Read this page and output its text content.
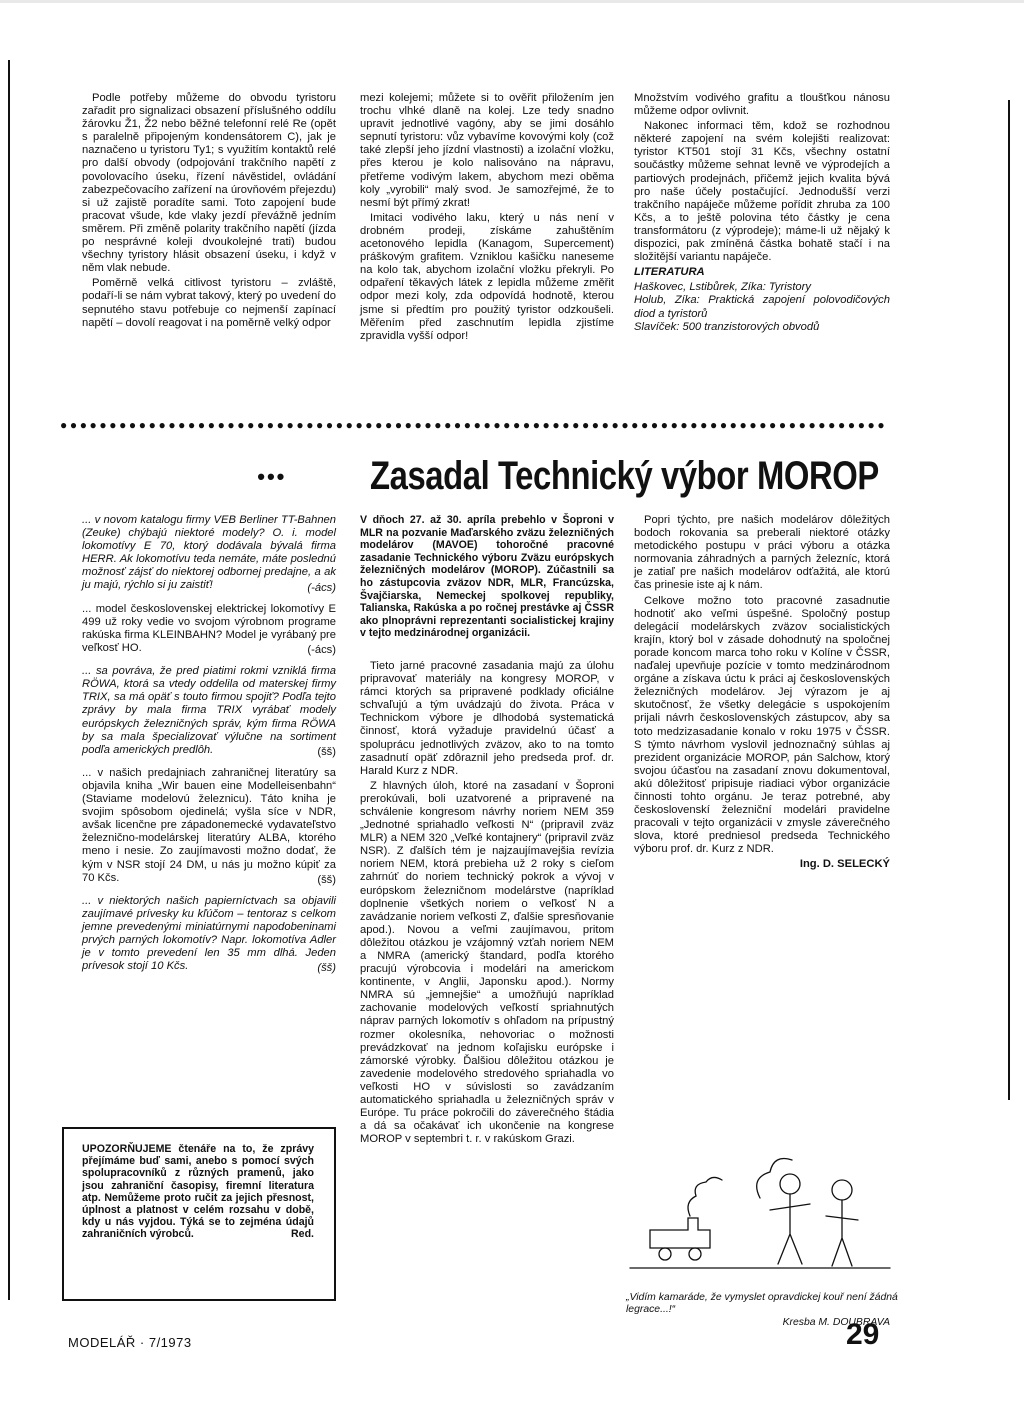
Podle potřeby můžeme do obvodu tyristoru zařadit pro signalizaci obsazení příslušného oddílu žárovku Ž1, Ž2 nebo běžné telefonní relé Re (opět s paralelně připojeným kondensátorem C), jak je naznačeno u tyristoru Ty1; s využitím kontaktů relé pro další obvody (odpojování trakčního napětí z povolovacího úseku, řízení návěstidel, ovládání zabezpečovacího zařízení na úrovňovém přejezdu) si už zajistě poradíte sami. Toto zapojení bude pracovat všude, kde vlaky jezdí převážně jedním směrem. Při změně polarity trakčního napětí (jízda po nesprávné koleji dvoukolejné trati) budou všechny tyristory hlásit obsazení úseku, i když v něm vlak nebude.

Poměrně velká citlivost tyristoru – zvláště, podaří-li se nám vybrat takový, který po uvedení do sepnutého stavu potřebuje co nejmenší zapínací napětí – dovolí reagovat i na poměrně velký odpor

mezi kolejemi; můžete si to ověřit přiložením jen trochu vlhké dlaně na kolej. Lze tedy snadno upravit jednotlivé vagóny, aby se jimi dosáhlo sepnutí tyristoru: vůz vybavíme kovovými koly (což také zlepší jeho jízdní vlastnosti) a izolační vložku, přes kterou je kolo nalisováno na nápravu, přetřeme vodivým lakem, abychom mezi oběma koly „vyrobili“ malý svod. Je samozřejmé, že to nesmí být přímý zkrat!

Imitaci vodivého laku, který u nás není v drobném prodeji, získáme zahuštěním acetonového lepidla (Kanagom, Supercement) práškovým grafitem. Vzniklou kašičku naneseme na kolo tak, abychom izolační vložku překryli. Po odpaření těkavých látek z lepidla můžeme změřit odpor mezi koly, zda odpovídá hodnotě, kterou jsme si předtím pro použitý tyristor odzkoušeli. Měřením před zaschnutím lepidla zjistíme zpravidla vyšší odpor!

Množstvím vodivého grafitu a tloušťkou nánosu můžeme odpor ovlivnit.

Nakonec informaci těm, kdož se rozhodnou některé zapojení na svém kolejišti realizovat: tyristor KT501 stojí 31 Kčs, všechny ostatní součástky můžeme sehnat levně ve výprodejích a partiových prodejnách, přičemž jejich kvalita bývá pro naše účely postačující. Jednodušší verzi trakčního napáječe můžeme pořídit zhruba za 100 Kčs, a to ještě polovina této částky je cena transformátoru (z výprodeje); máme-li už nějaký k dispozici, pak zmíněná částka bohatě stačí i na složitější variantu napáječe.

LITERATURA

Haškovec, Lstibůrek, Zíka: Tyristory

Holub, Zíka: Praktická zapojení polovodičových diod a tyristorů

Slavíček: 500 tranzistorových obvodů

●●●●●●●●●●●●●●●●●●●●●●●●●●●●●●●●●●●●●●●●●●●●●●●●●●●●●●●●●●●●●●●●●●●●●●●●●●●●●●●●●●●●
••• Zasadal Technický výbor MOROP

... v novom katalogu firmy VEB Berliner TT-Bahnen (Zeuke) chýbajú niektoré modely? O. i. model lokomotívy E 70, ktorý dodávala bývalá firma HERR. Ak lokomotívu teda nemáte, máte poslednú možnosť zájsť do niektorej odbornej predajne, a ak ju majú, rýchlo si ju zaistiť!	(-ács)

... model československej elektrickej lokomotívy E 499 už roky vedie vo svojom výrobnom programe rakúska firma KLEINBAHN? Model je vyrábaný pre veľkosť HO.	(-ács)

... sa povráva, že pred piatimi rokmi vzniklá firma RÖWA, ktorá sa vtedy oddelila od materskej firmy TRIX, sa má opäť s touto firmou spojiť? Podľa tejto zprávy by mala firma TRIX vyrábať modely európskych železničných správ, kým firma RÖWA by sa mala špecializovať výlučne na sortiment podľa amerických predlôh.	(šš)

... v našich predajniach zahraničnej literatúry sa objavila kniha „Wir bauen eine Modelleisenbahn“ (Staviame modelovú železnicu). Táto kniha je svojim spôsobom ojedinelá; vyšla síce v NDR, avšak licenčne pre západonemecké vydavateľstvo železnično-modelárskej literatúry ALBA, ktorého meno i nesie. Zo zaujímavosti možno dodať, že kým v NSR stojí 24 DM, u nás ju možno kúpiť za 70 Kčs.	(šš)

... v niektorých našich papierníctvach sa objavili zaujímavé prívesky ku kľúčom – tentoraz s celkom jemne prevedenými miniatúrnymi napodobeninami prvých parných lokomotív? Napr. lokomotíva Adler je v tomto prevedení len 35 mm dlhá. Jeden prívesok stojí 10 Kčs.	(šš)

V dňoch 27. až 30. apríla prebehlo v Šoproni v MLR na pozvanie Maďarského zväzu železničných modelárov (MAVOE) tohoročné pracovné zasadanie Technického výboru Zväzu európskych železničných modelárov (MOROP). Zúčastnili sa ho zástupcovia zväzov NDR, MLR, Francúzska, Švajčiarska, Nemeckej spolkovej republiky, Talianska, Rakúska a po ročnej prestávke aj ČSSR ako plnoprávni reprezentanti socialistickej krajiny v tejto medzinárodnej organizácii.

Tieto jarné pracovné zasadania majú za úlohu pripravovať materiály na kongresy MOROP, v rámci ktorých sa pripravené podklady oficiálne schvaľujú a tým uvádzajú do života. Práca v Technickom výbore je dlhodobá systematická činnosť, ktorá vyžaduje pravidelnú účasť a spoluprácu jednotlivých zväzov, ako to na tomto zasadnutí opäť zdôraznil jeho predseda prof. dr. Harald Kurz z NDR.

Z hlavných úloh, ktoré na zasadaní v Šoproni prerokúvali, boli uzatvorené a pripravené na schválenie kongresom návrhy noriem NEM 359 „Jednotné spriahadlo veľkosti N“ (pripravil zväz MLR) a NEM 320 „Veľké kontajnery“ (pripravil zväz NSR). Z ďalších tém je najzaujímavejšia revízia noriem NEM, ktorá prebieha už 2 roky s cieľom zahrnúť do noriem technický pokrok a vývoj v európskom železničnom modelárstve (napríklad doplnenie všetkých noriem o veľkosť N a zavádzanie noriem veľkosti Z, ďalšie spresňovanie apod.). Novou a veľmi zaujímavou, pritom dôležitou otázkou je vzájomný vzťah noriem NEM a NMRA (americký štandard, podľa ktorého pracujú výrobcovia i modelári na americkom kontinente, v Anglii, Japonsku apod.). Normy NMRA sú „jemnejšie“ a umožňujú napríklad zachovanie modelových veľkostí spriahnutých náprav parných lokomotív s ohľadom na prípustný rozmer okolesníka, nehovoriac o možnosti prevádzkovať na jednom koľajisku európske i zámorské výrobky. Ďalšiou dôležitou otázkou je zavedenie modelového stredového spriahadla vo veľkosti HO v súvislosti so zavádzaním automatického spriahadla u železničných správ v Európe. Tu práce pokročili do záverečného štádia a dá sa očakávať ich ukončenie na kongrese MOROP v septembri t. r. v rakúskom Grazi.

Popri týchto, pre našich modelárov dôležitých bodoch rokovania sa preberali niektoré otázky metodického postupu v práci výboru a otázka normovania záhradných a parných železníc, ktorá je zatiaľ pre našich modelárov odťažitá, ale ktorú čas prinesie iste aj k nám.

Celkove možno toto pracovné zasadnutie hodnotiť ako veľmi úspešné. Spoločný postup delegácií modelárskych zväzov socialistických krajín, ktorý bol v zásade dohodnutý na spoločnej porade koncom marca toho roku v Kolíne v ČSSR, naďalej upevňuje pozície v tomto medzinárodnom orgáne a získava úctu k práci aj československých železničných modelárov. Jej výrazom je aj skutočnosť, že všetky delegácie s uspokojením prijali návrh československých zástupcov, aby sa toto medzizasadanie konalo v roku 1975 v ČSSR. S týmto návrhom vyslovil jednoznačný súhlas aj prezident organizácie MOROP, pán Salchow, ktorý svojou účasťou na zasadaní znovu dokumentoval, akú dôležitosť pripisuje riadiaci výbor organizácie činnosti tohto orgánu. Je teraz potrebné, aby československí železniční modelári pravidelne pracovali v tejto organizácii v zmysle záverečného slova, ktoré predniesol predseda Technického výboru prof. dr. Kurz z NDR.

Ing. D. SELECKÝ

UPOZORŇUJEME čtenáře na to, že zprávy přejímáme buď sami, anebo s pomocí svých spolupracovníků z různých pramenů, jako jsou zahraniční časopisy, firemní literatura atp. Nemůžeme proto ručit za jejich přesnost, úplnost a platnost v celém rozsahu v době, kdy u nás vyjdou. Týká se to zejména údajů zahraničních výrobců.	Red.
„Vidím kamaráde, že vymyslet opravdickej kouř není žádná legrace...!“
Kresba M. DOUBRAVA
MODELÁŘ · 7/1973	29
